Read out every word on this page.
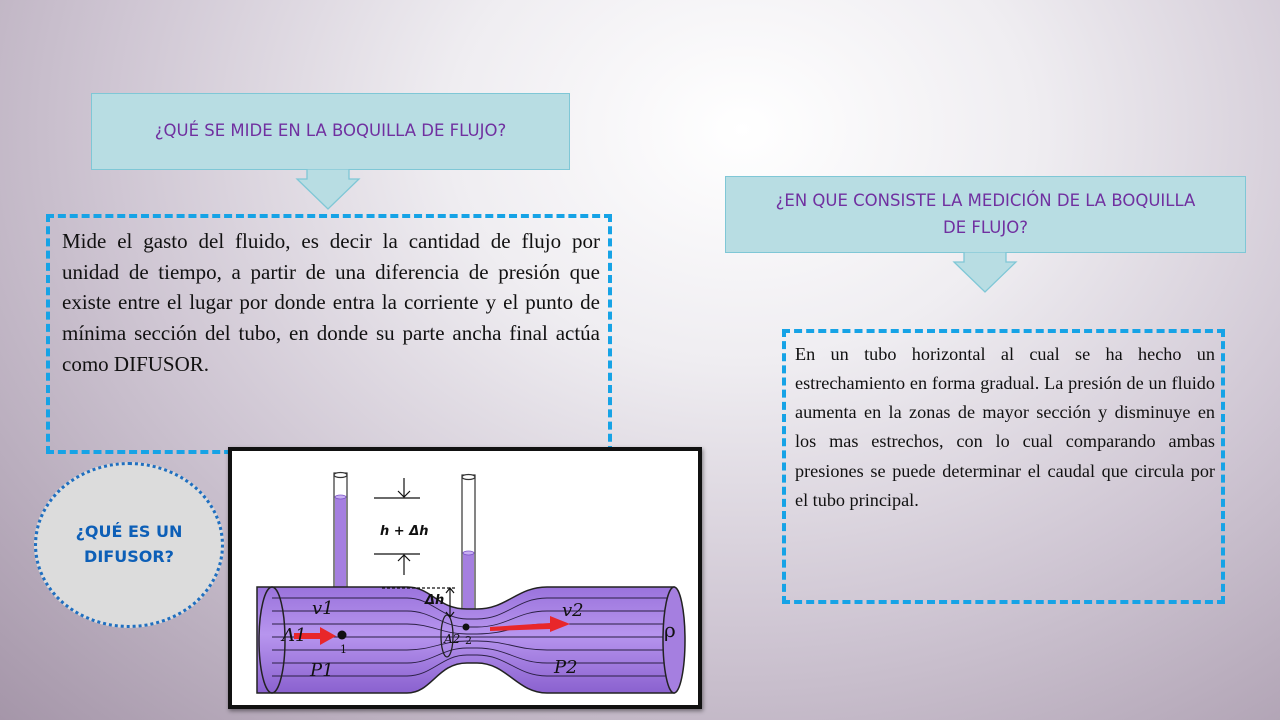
¿QUÉ SE MIDE EN LA BOQUILLA DE FLUJO?
¿EN QUE CONSISTE LA MEDICIÓN DE LA BOQUILLA DE FLUJO?
Mide el gasto del fluido, es decir la cantidad de flujo por unidad de tiempo, a partir de una diferencia de presión que existe entre el lugar por donde entra la corriente y el punto de mínima sección del tubo, en donde su parte ancha final actúa como DIFUSOR.	En un tubo horizontal al cual se ha hecho un estrechamiento en forma gradual. La presión de un fluido aumenta en la zonas de mayor sección y disminuye en los mas estrechos, con lo cual comparando ambas presiones se puede determinar el caudal que circula por el tubo principal.
¿QUÉ ES UN DIFUSOR?
h + Δh
Δh
v1	v2
A1	A2
P1	P2
1
2	ρ
